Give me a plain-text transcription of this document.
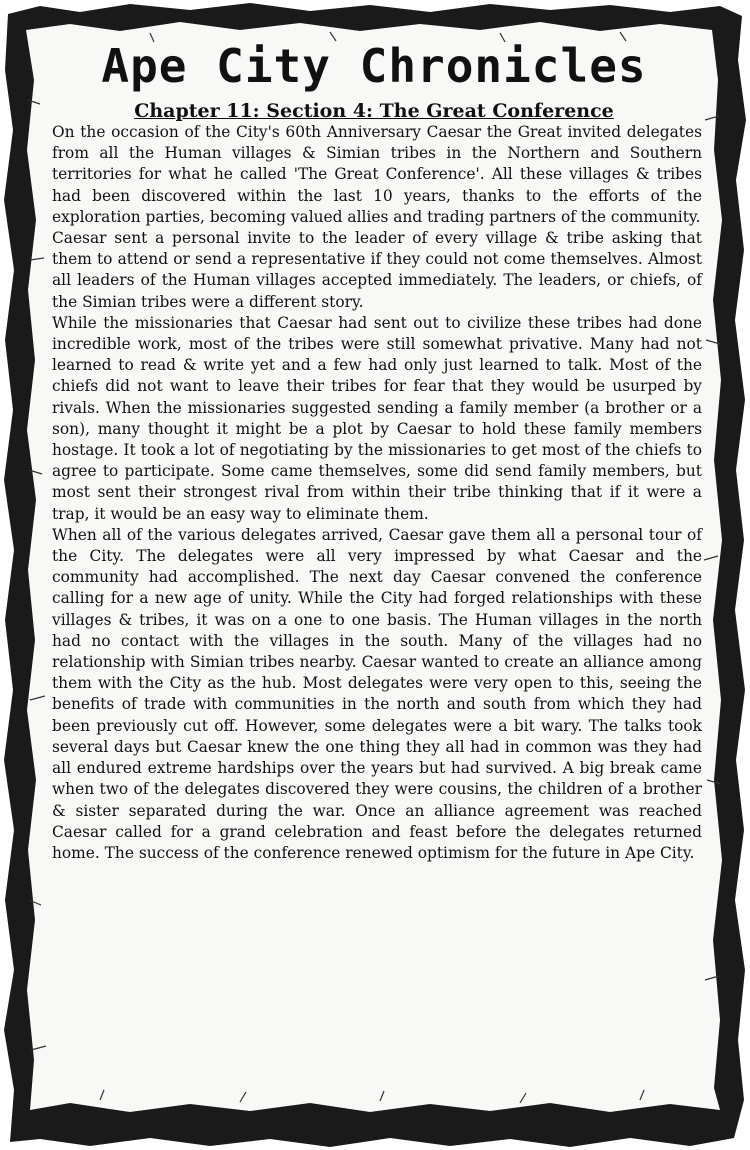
Ape City Chronicles
Chapter 11: Section 4: The Great Conference

On the occasion of the City's 60th Anniversary Caesar the Great invited delegates from all the Human villages & Simian tribes in the Northern and Southern territories for what he called 'The Great Conference'. All these villages & tribes had been discovered within the last 10 years, thanks to the efforts of the exploration parties, becoming valued allies and trading partners of the community.

Caesar sent a personal invite to the leader of every village & tribe asking that them to attend or send a representative if they could not come themselves. Almost all leaders of the Human villages accepted immediately. The leaders, or chiefs, of the Simian tribes were a different story.

While the missionaries that Caesar had sent out to civilize these tribes had done incredible work, most of the tribes were still somewhat privative. Many had not learned to read & write yet and a few had only just learned to talk. Most of the chiefs did not want to leave their tribes for fear that they would be usurped by rivals. When the missionaries suggested sending a family member (a brother or a son), many thought it might be a plot by Caesar to hold these family members hostage. It took a lot of negotiating by the missionaries to get most of the chiefs to agree to participate. Some came themselves, some did send family members, but most sent their strongest rival from within their tribe thinking that if it were a trap, it would be an easy way to eliminate them.

When all of the various delegates arrived, Caesar gave them all a personal tour of the City. The delegates were all very impressed by what Caesar and the community had accomplished. The next day Caesar convened the conference calling for a new age of unity. While the City had forged relationships with these villages & tribes, it was on a one to one basis. The Human villages in the north had no contact with the villages in the south. Many of the villages had no relationship with Simian tribes nearby. Caesar wanted to create an alliance among them with the City as the hub. Most delegates were very open to this, seeing the benefits of trade with communities in the north and south from which they had been previously cut off. However, some delegates were a bit wary. The talks took several days but Caesar knew the one thing they all had in common was they had all endured extreme hardships over the years but had survived. A big break came when two of the delegates discovered they were cousins, the children of a brother & sister separated during the war. Once an alliance agreement was reached Caesar called for a grand celebration and feast before the delegates returned home. The success of the conference renewed optimism for the future in Ape City.
